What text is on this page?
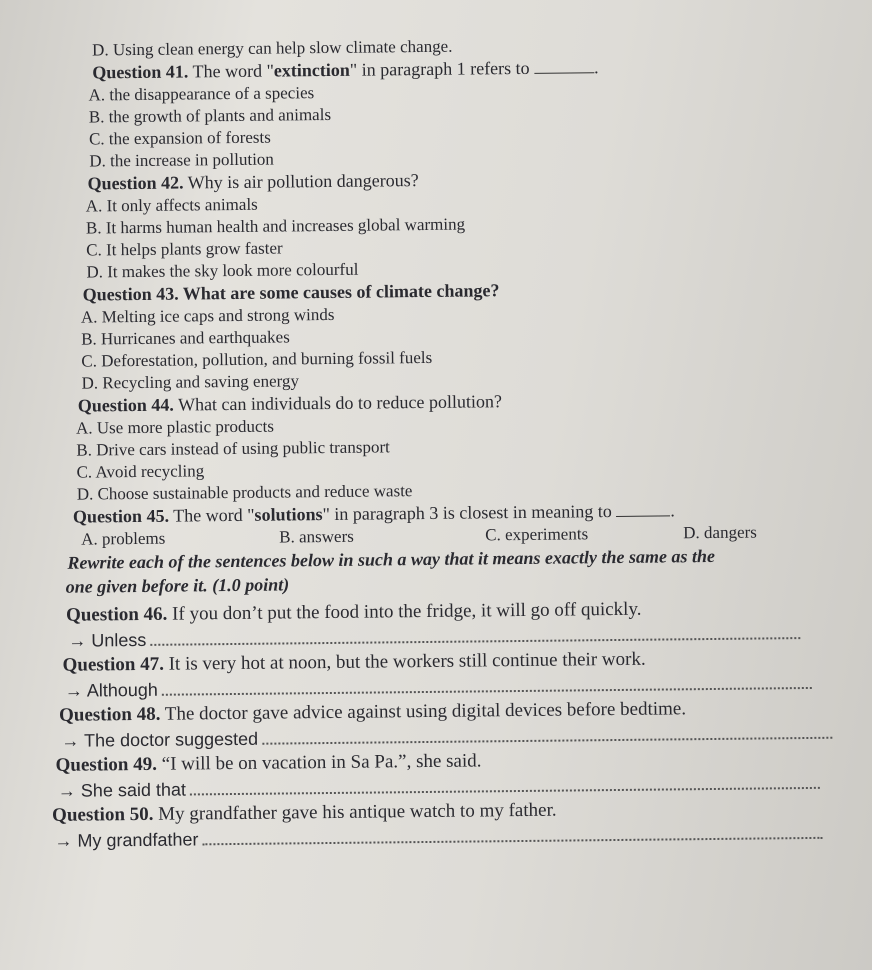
D. Using clean energy can help slow climate change.
Question 41. The word "extinction" in paragraph 1 refers to	.
A. the disappearance of a species
B. the growth of plants and animals
C. the expansion of forests
D. the increase in pollution
Question 42. Why is air pollution dangerous?
A. It only affects animals
B. It harms human health and increases global warming
C. It helps plants grow faster
D. It makes the sky look more colourful
Question 43. What are some causes of climate change?
A. Melting ice caps and strong winds
B. Hurricanes and earthquakes
C. Deforestation, pollution, and burning fossil fuels
D. Recycling and saving energy
Question 44. What can individuals do to reduce pollution?
A. Use more plastic products
B. Drive cars instead of using public transport
C. Avoid recycling
D. Choose sustainable products and reduce waste
Question 45. The word "solutions" in paragraph 3 is closest in meaning to	.
A. problems	B. answers	C. experiments	D. dangers
Rewrite each of the sentences below in such a way that it means exactly the same as the
one given before it. (1.0 point)
Question 46. If you don’t put the food into the fridge, it will go off quickly.
→ Unless
Question 47. It is very hot at noon, but the workers still continue their work.
→ Although
Question 48. The doctor gave advice against using digital devices before bedtime.
→ The doctor suggested
Question 49. “I will be on vacation in Sa Pa.”, she said.
→ She said that
Question 50. My grandfather gave his antique watch to my father.
→ My grandfather
